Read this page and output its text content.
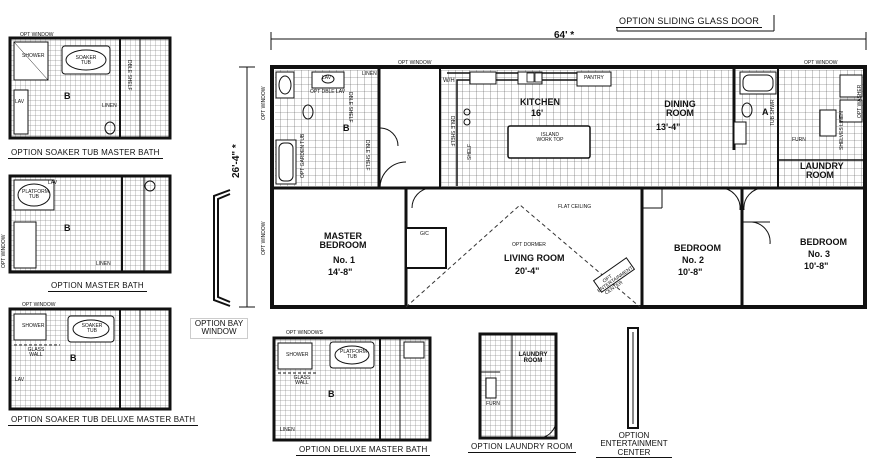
64' *
26'-4" *
OPTION SLIDING GLASS DOOR
OPT WINDOW	OPT WINDOW
OPT WINDOW
OPT WINDOW
LAV
LINEN
OPT DBLE LAV
W/H
DBLE SHELF
DBLE SHELF
DBLE SHELF
SHELF
OPT GARDEN TUB
PANTRY
KITCHEN
16'
ISLAND WORK TOP
DINING ROOM
13'-4"
A
B
TUB SHWR	OPT WASHER
SHELVES LINEN
FURN
LAUNDRY ROOM
FLAT CEILING
MASTER BEDROOM
No. 1
14'-8"
G/C
OPT DORMER
LIVING ROOM
20'-4"
OPT ENTERTAINMENT CENTER
BEDROOM
No. 2
10'-8"
BEDROOM
No. 3
10'-8"
OPT WINDOW
SHOWER	SOAKER TUB
LAV
LINEN
DBLE SHELF
B
OPTION SOAKER TUB MASTER BATH
LAV
PLATFORM TUB
OPT WINDOW	LINEN
B
OPTION MASTER BATH
OPT WINDOW
SHOWER	SOAKER TUB
GLASS WALL
LAV
B
OPTION SOAKER TUB DELUXE MASTER BATH
OPTION BAY WINDOW	OPT WINDOWS
SHOWER	PLATFORM TUB
GLASS WALL
LINEN
B
OPTION DELUXE MASTER BATH
LAUNDRY ROOM
FURN
OPTION LAUNDRY ROOM
OPTION ENTERTAINMENT CENTER
